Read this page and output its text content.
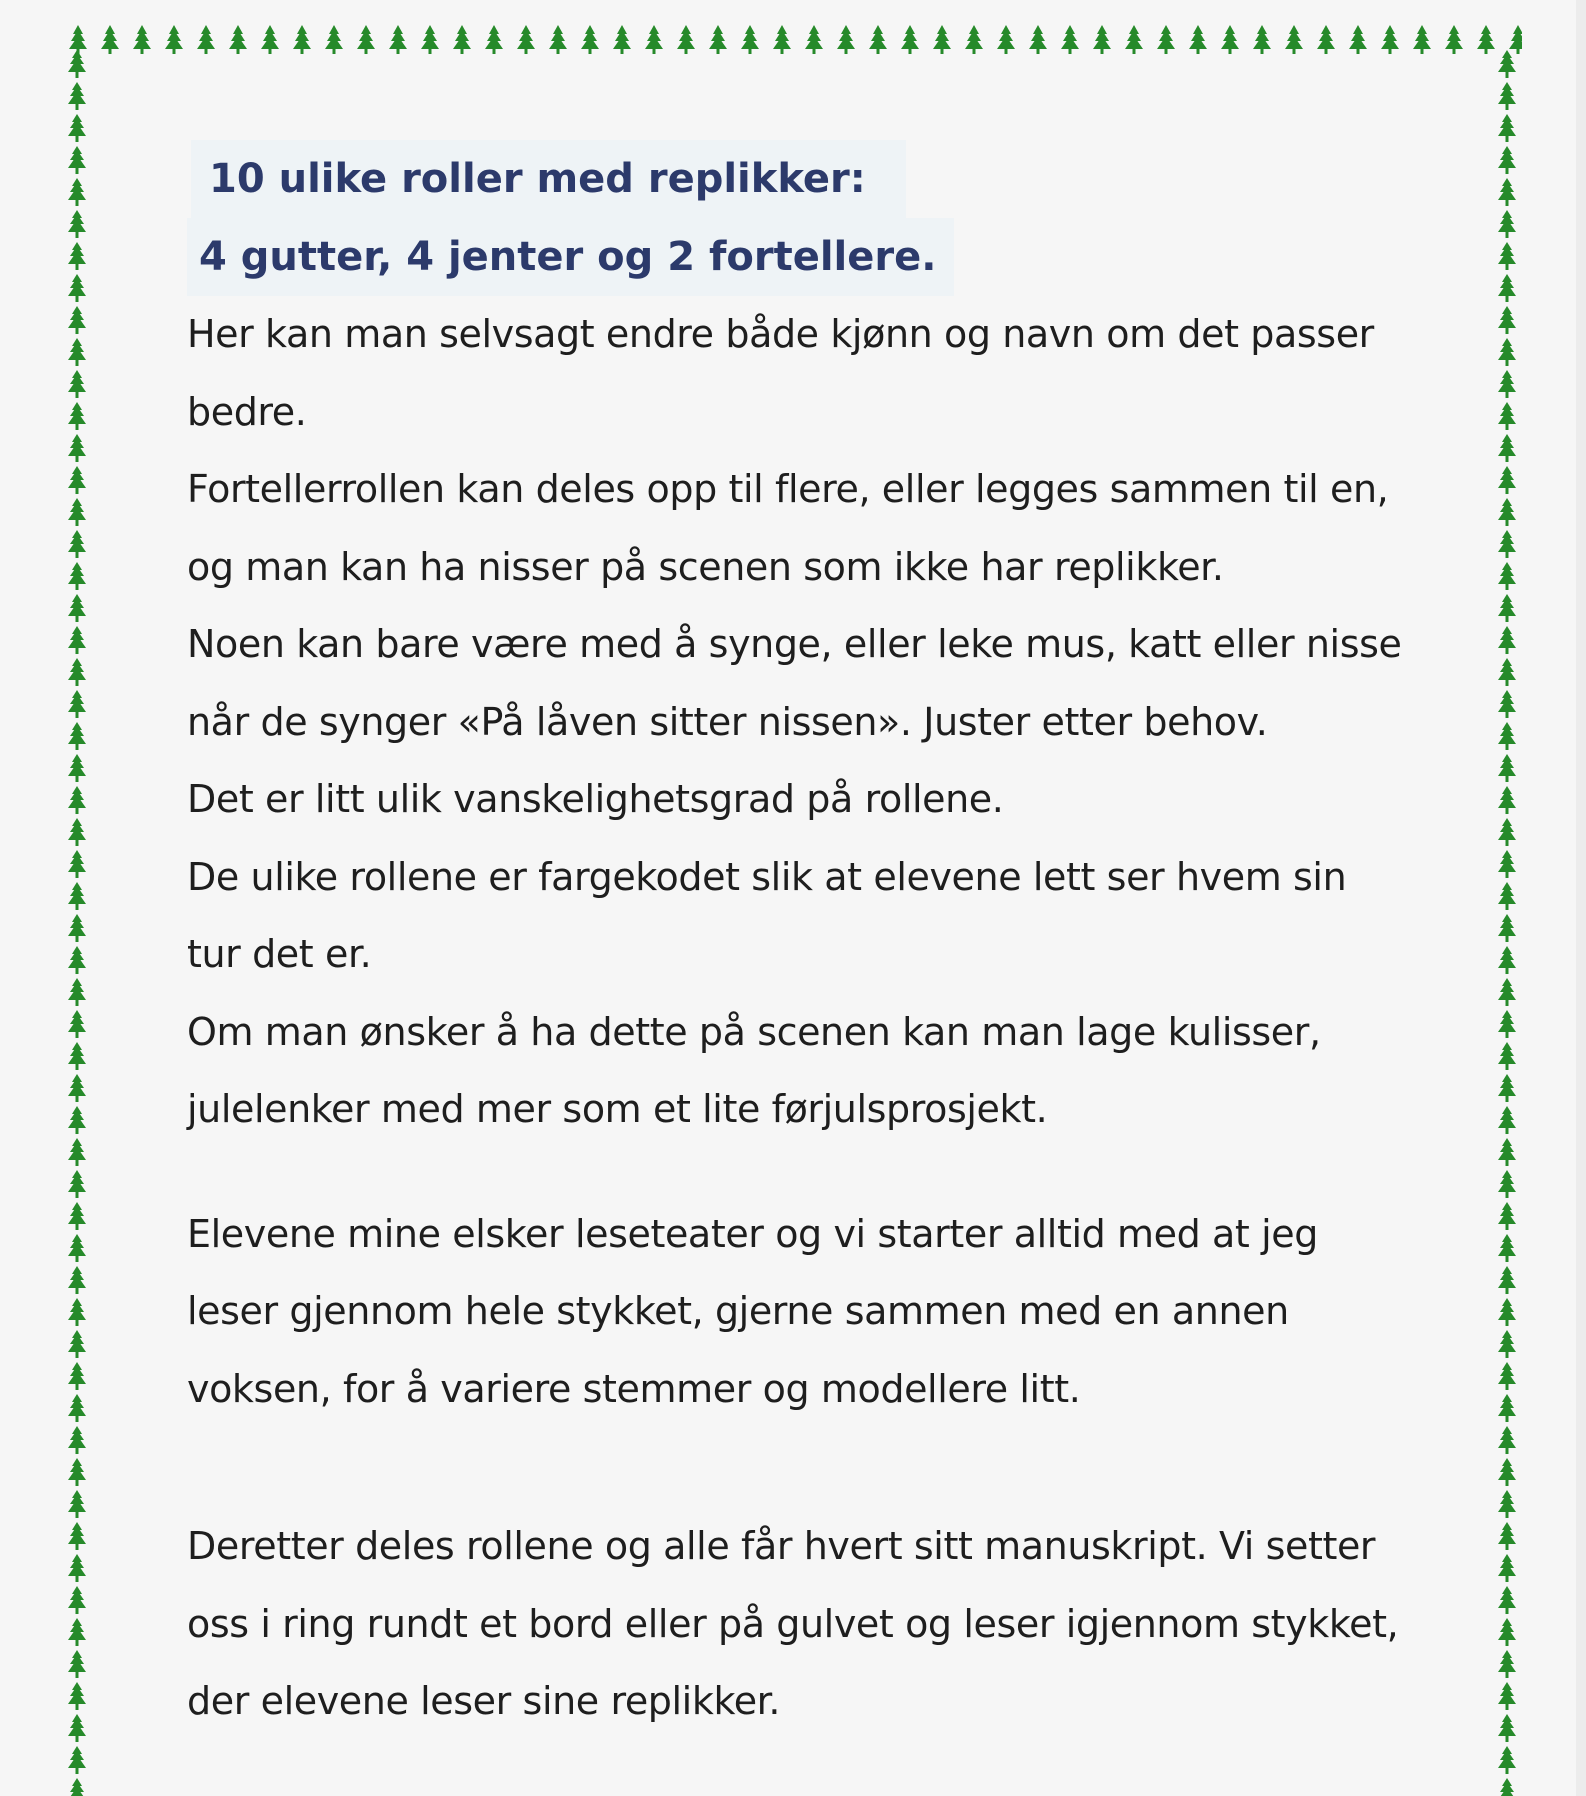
10 ulike roller med replikker:
4 gutter, 4 jenter og 2 fortellere.

Her kan man selvsagt endre både kjønn og navn om det passer bedre.

Fortellerrollen kan deles opp til flere, eller legges sammen til en, og man kan ha nisser på scenen som ikke har replikker.

Noen kan bare være med å synge, eller leke mus, katt eller nisse når de synger «På låven sitter nissen». Juster etter behov.

Det er litt ulik vanskelighetsgrad på rollene.

De ulike rollene er fargekodet slik at elevene lett ser hvem sin tur det er.

Om man ønsker å ha dette på scenen kan man lage kulisser, julelenker med mer som et lite førjulsprosjekt.

Elevene mine elsker leseteater og vi starter alltid med at jeg leser gjennom hele stykket, gjerne sammen med en annen voksen, for å variere stemmer og modellere litt.

Deretter deles rollene og alle får hvert sitt manuskript. Vi setter oss i ring rundt et bord eller på gulvet og leser igjennom stykket, der elevene leser sine replikker.
